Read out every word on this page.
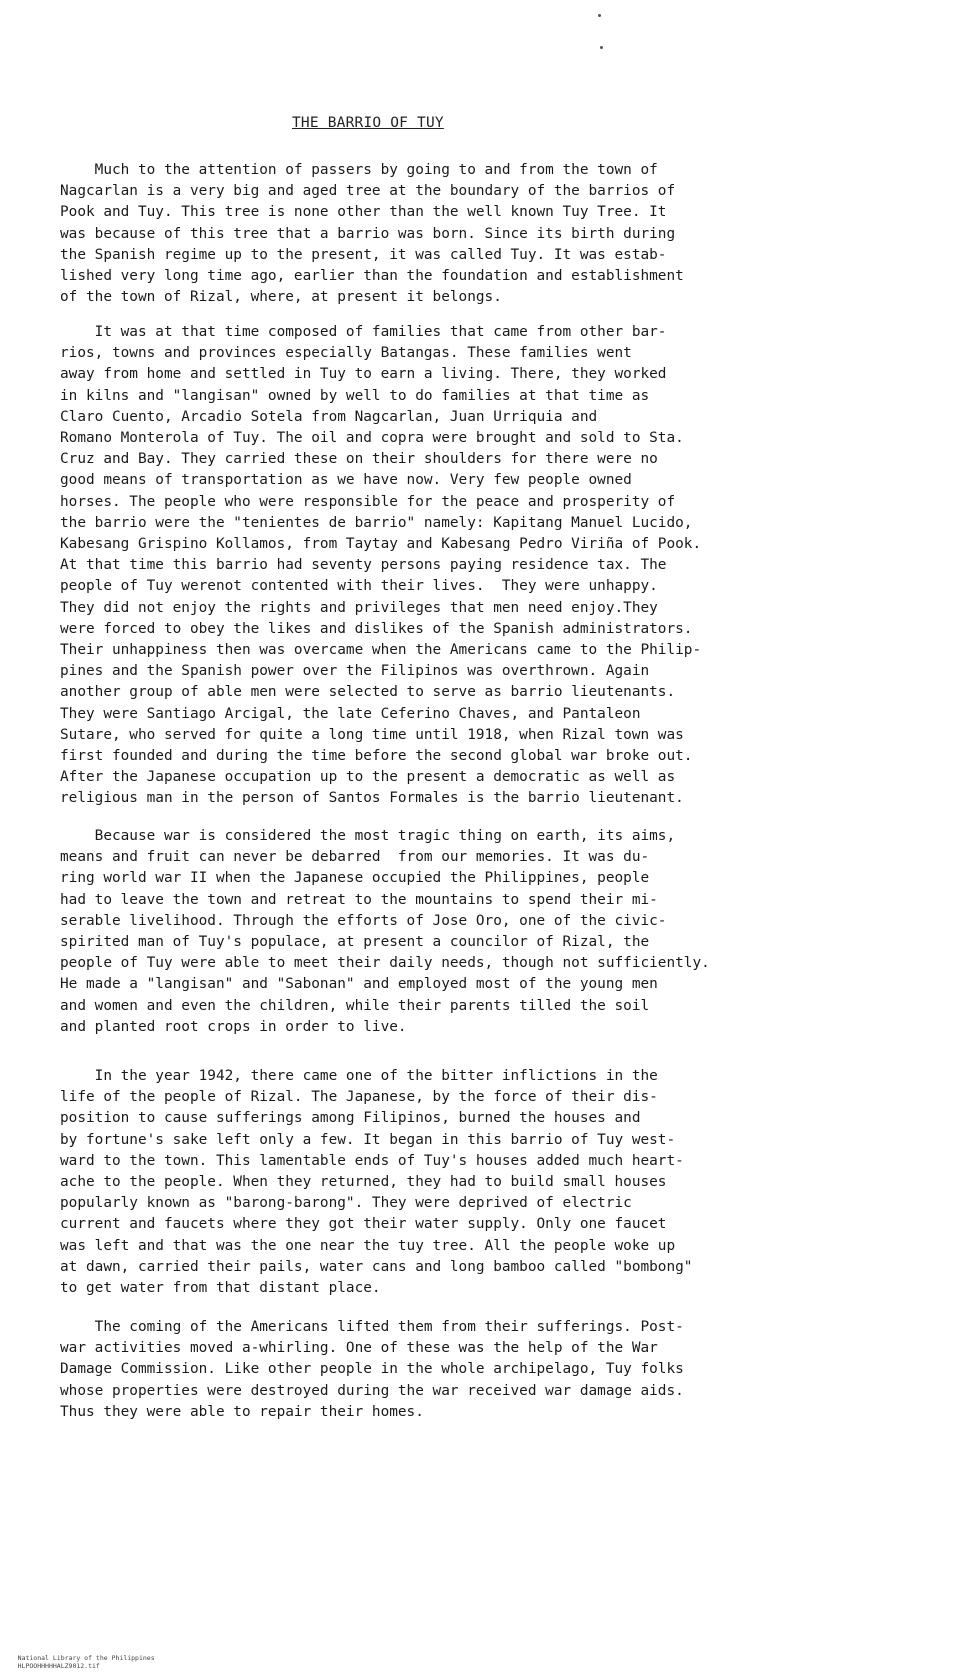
THE BARRIO OF TUY
Much to the attention of passers by going to and from the town of
Nagcarlan is a very big and aged tree at the boundary of the barrios of
Pook and Tuy. This tree is none other than the well known Tuy Tree. It
was because of this tree that a barrio was born. Since its birth during
the Spanish regime up to the present, it was called Tuy. It was estab-
lished very long time ago, earlier than the foundation and establishment
of the town of Rizal, where, at present it belongs.
It was at that time composed of families that came from other bar-
rios, towns and provinces especially Batangas. These families went
away from home and settled in Tuy to earn a living. There, they worked
in kilns and "langisan" owned by well to do families at that time as
Claro Cuento, Arcadio Sotela from Nagcarlan, Juan Urriquia and
Romano Monterola of Tuy. The oil and copra were brought and sold to Sta.
Cruz and Bay. They carried these on their shoulders for there were no
good means of transportation as we have now. Very few people owned
horses. The people who were responsible for the peace and prosperity of
the barrio were the "tenientes de barrio" namely: Kapitang Manuel Lucido,
Kabesang Grispino Kollamos, from Taytay and Kabesang Pedro Viriña of Pook.
At that time this barrio had seventy persons paying residence tax. The
people of Tuy werenot contented with their lives.  They were unhappy.
They did not enjoy the rights and privileges that men need enjoy.They
were forced to obey the likes and dislikes of the Spanish administrators.
Their unhappiness then was overcame when the Americans came to the Philip-
pines and the Spanish power over the Filipinos was overthrown. Again
another group of able men were selected to serve as barrio lieutenants.
They were Santiago Arcigal, the late Ceferino Chaves, and Pantaleon
Sutare, who served for quite a long time until 1918, when Rizal town was
first founded and during the time before the second global war broke out.
After the Japanese occupation up to the present a democratic as well as
religious man in the person of Santos Formales is the barrio lieutenant.
Because war is considered the most tragic thing on earth, its aims,
means and fruit can never be debarred  from our memories. It was du-
ring world war II when the Japanese occupied the Philippines, people
had to leave the town and retreat to the mountains to spend their mi-
serable livelihood. Through the efforts of Jose Oro, one of the civic-
spirited man of Tuy's populace, at present a councilor of Rizal, the
people of Tuy were able to meet their daily needs, though not sufficiently.
He made a "langisan" and "Sabonan" and employed most of the young men
and women and even the children, while their parents tilled the soil
and planted root crops in order to live.
In the year 1942, there came one of the bitter inflictions in the
life of the people of Rizal. The Japanese, by the force of their dis-
position to cause sufferings among Filipinos, burned the houses and
by fortune's sake left only a few. It began in this barrio of Tuy west-
ward to the town. This lamentable ends of Tuy's houses added much heart-
ache to the people. When they returned, they had to build small houses
popularly known as "barong-barong". They were deprived of electric
current and faucets where they got their water supply. Only one faucet
was left and that was the one near the tuy tree. All the people woke up
at dawn, carried their pails, water cans and long bamboo called "bombong"
to get water from that distant place.
The coming of the Americans lifted them from their sufferings. Post-
war activities moved a-whirling. One of these was the help of the War
Damage Commission. Like other people in the whole archipelago, Tuy folks
whose properties were destroyed during the war received war damage aids.
Thus they were able to repair their homes.

National Library of the Philippines
HLPOOHHHHHALZ9012.tif
